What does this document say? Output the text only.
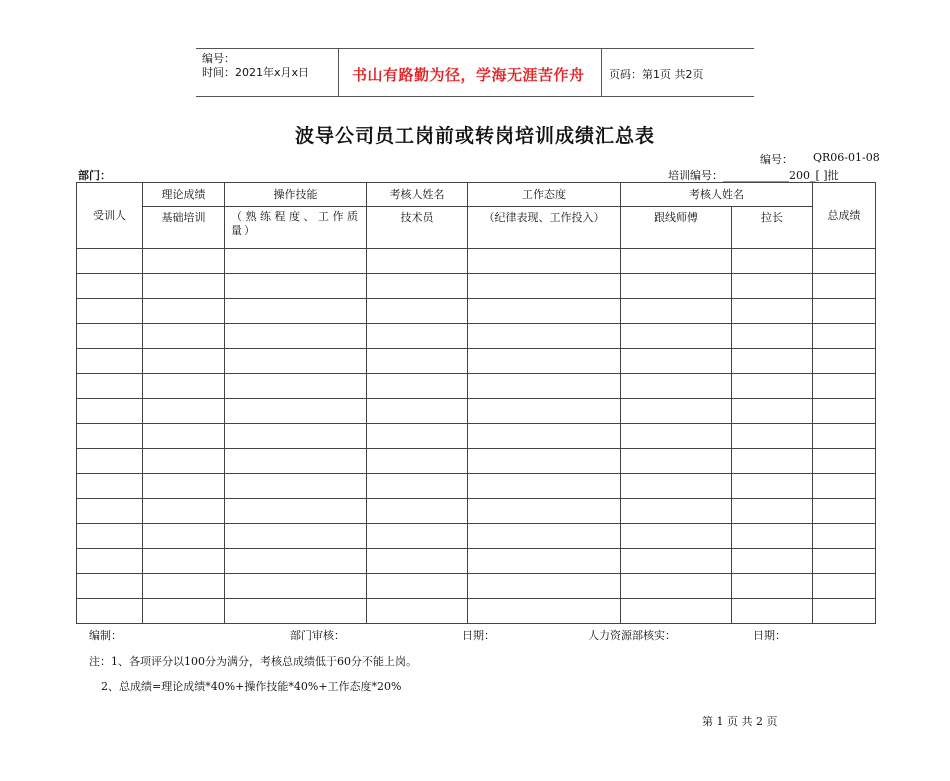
编号：
时间：2021年x月x日	书山有路勤为径，学海无涯苦作舟 页码：第1页 共2页
波导公司员工岗前或转岗培训成绩汇总表
编号： QR06-01-08
部门：	培训编号：____________200_[ ]批
受训人	理论成绩	操作技能	考核人姓名	工作态度	考核人姓名		总成绩
	基础培训	（熟练程度、工作质量）	技术员	（纪律表现、工作投入）	跟线师傅	拉长	

编制：	部门审核：	日期：	人力资源部核实：	日期：
注：1、各项评分以100分为满分，考核总成绩低于60分不能上岗。
2、总成绩=理论成绩*40%+操作技能*40%+工作态度*20%
第 1 页 共 2 页
